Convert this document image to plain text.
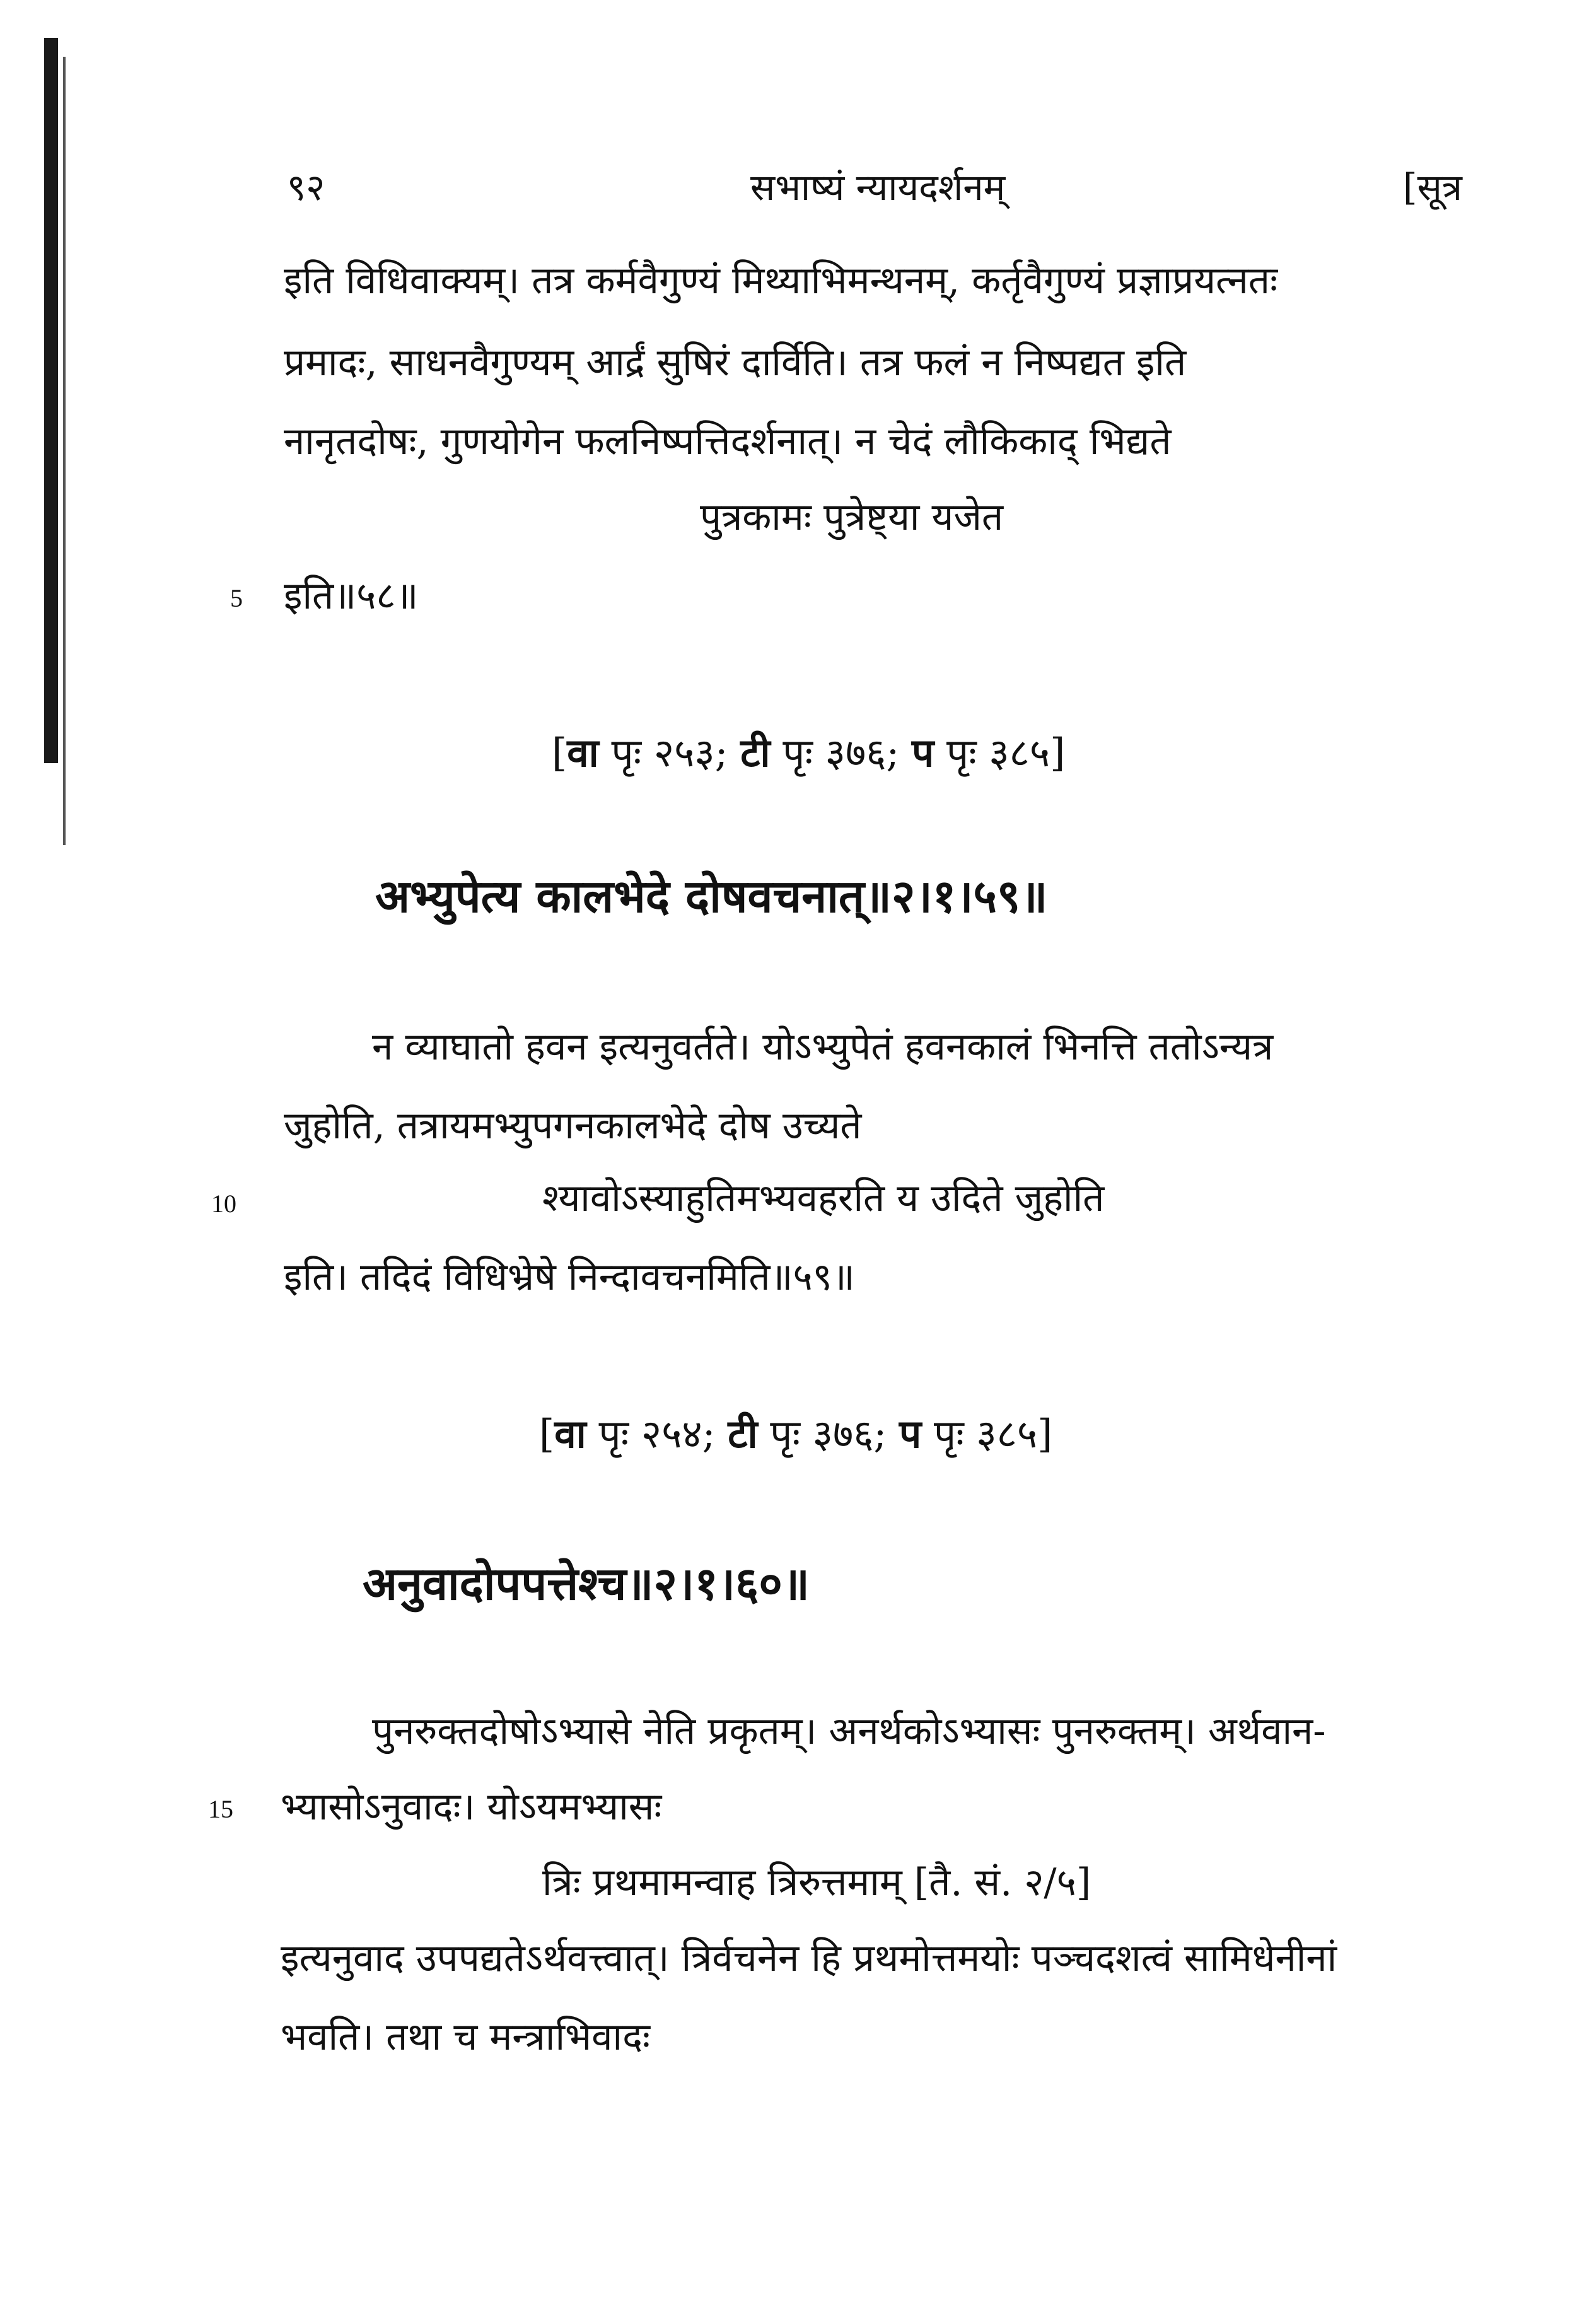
९२	सभाष्यं न्यायदर्शनम्	[सूत्र
इति विधिवाक्यम्। तत्र कर्मवैगुण्यं मिथ्याभिमन्थनम्, कर्तृवैगुण्यं प्रज्ञाप्रयत्नतः
प्रमादः, साधनवैगुण्यम् आर्द्रं सुषिरं दार्विति। तत्र फलं न निष्पद्यत इति
नानृतदोषः, गुणयोगेन फलनिष्पत्तिदर्शनात्। न चेदं लौकिकाद् भिद्यते
पुत्रकामः पुत्रेष्ट्या यजेत
5 इति॥५८॥
[वा पृः २५३; टी पृः ३७६; प पृः ३८५]
अभ्युपेत्य कालभेदे दोषवचनात्॥२।१।५९॥
न व्याघातो हवन इत्यनुवर्तते। योऽभ्युपेतं हवनकालं भिनत्ति ततोऽन्यत्र
जुहोति, तत्रायमभ्युपगनकालभेदे दोष उच्यते
10	श्यावोऽस्याहुतिमभ्यवहरति य उदिते जुहोति
इति। तदिदं विधिभ्रेषे निन्दावचनमिति॥५९॥
[वा पृः २५४; टी पृः ३७६; प पृः ३८५]
अनुवादोपपत्तेश्च॥२।१।६०॥
पुनरुक्तदोषोऽभ्यासे नेति प्रकृतम्। अनर्थकोऽभ्यासः पुनरुक्तम्। अर्थवान-
15 भ्यासोऽनुवादः। योऽयमभ्यासः
त्रिः प्रथमामन्वाह त्रिरुत्तमाम् [तै. सं. २/५]
इत्यनुवाद उपपद्यतेऽर्थवत्त्वात्। त्रिर्वचनेन हि प्रथमोत्तमयोः पञ्चदशत्वं सामिधेनीनां
भवति। तथा च मन्त्राभिवादः
